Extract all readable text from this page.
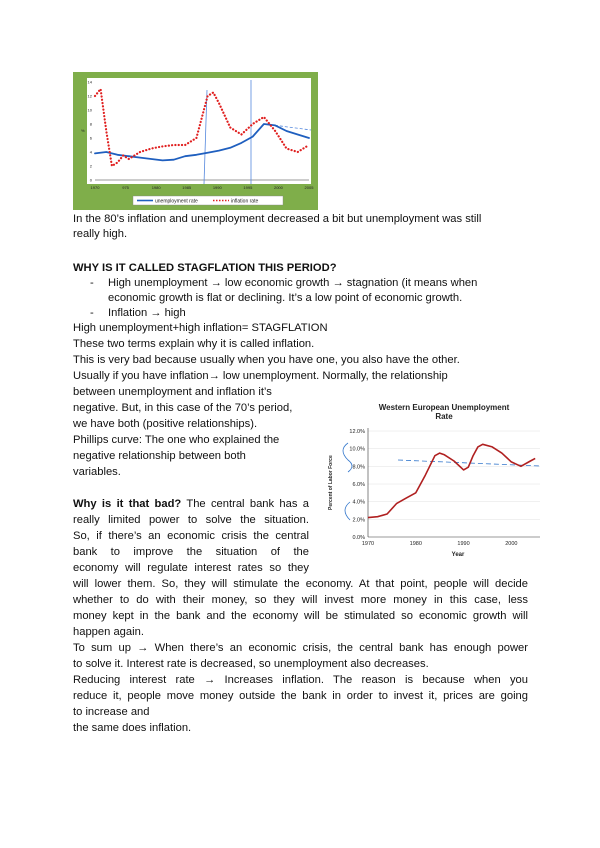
0
2
4
6
8
10
12
14
1970	975	1980	1985	1990	1995	2000	2005
%
unemployment rate	inflation rate
Western European Unemployment
Rate
Percent of Labor Force
Year
0.0%
2.0%
4.0%
6.0%
8.0%
10.0%
12.0%
1970	1980	1990	2000
In the 80’s inflation and unemployment decreased a bit but unemployment was still
really high.
WHY IS IT CALLED STAGFLATION THIS PERIOD?
- High unemployment → low economic growth → stagnation (it means when
economic growth is flat or declining. It’s a low point of economic growth.
- Inflation → high
High unemployment+high inflation= STAGFLATION
These two terms explain why it is called inflation.
This is very bad because usually when you have one, you also have the other.
Usually if you have inflation→ low unemployment. Normally, the relationship
between unemployment and inflation it’s
negative. But, in this case of the 70’s period,
we have both (positive relationships).
Phillips curve: The one who explained the
negative relationship between both
variables.
Why is it that bad? The central bank has a
really limited power to solve the situation.
So, if there’s an economic crisis the central
bank to improve the situation of the
economy will regulate interest rates so they
will lower them. So, they will stimulate the economy. At that point, people will decide
whether to do with their money, so they will invest more money in this case, less
money kept in the bank and the economy will be stimulated so economic growth will
happen again.
To sum up → When there’s an economic crisis, the central bank has enough power
to solve it. Interest rate is decreased, so unemployment also decreases.
Reducing interest rate → Increases inflation. The reason is because when you
reduce it, people move money outside the bank in order to invest it, prices are going
to increase and
the same does inflation.
